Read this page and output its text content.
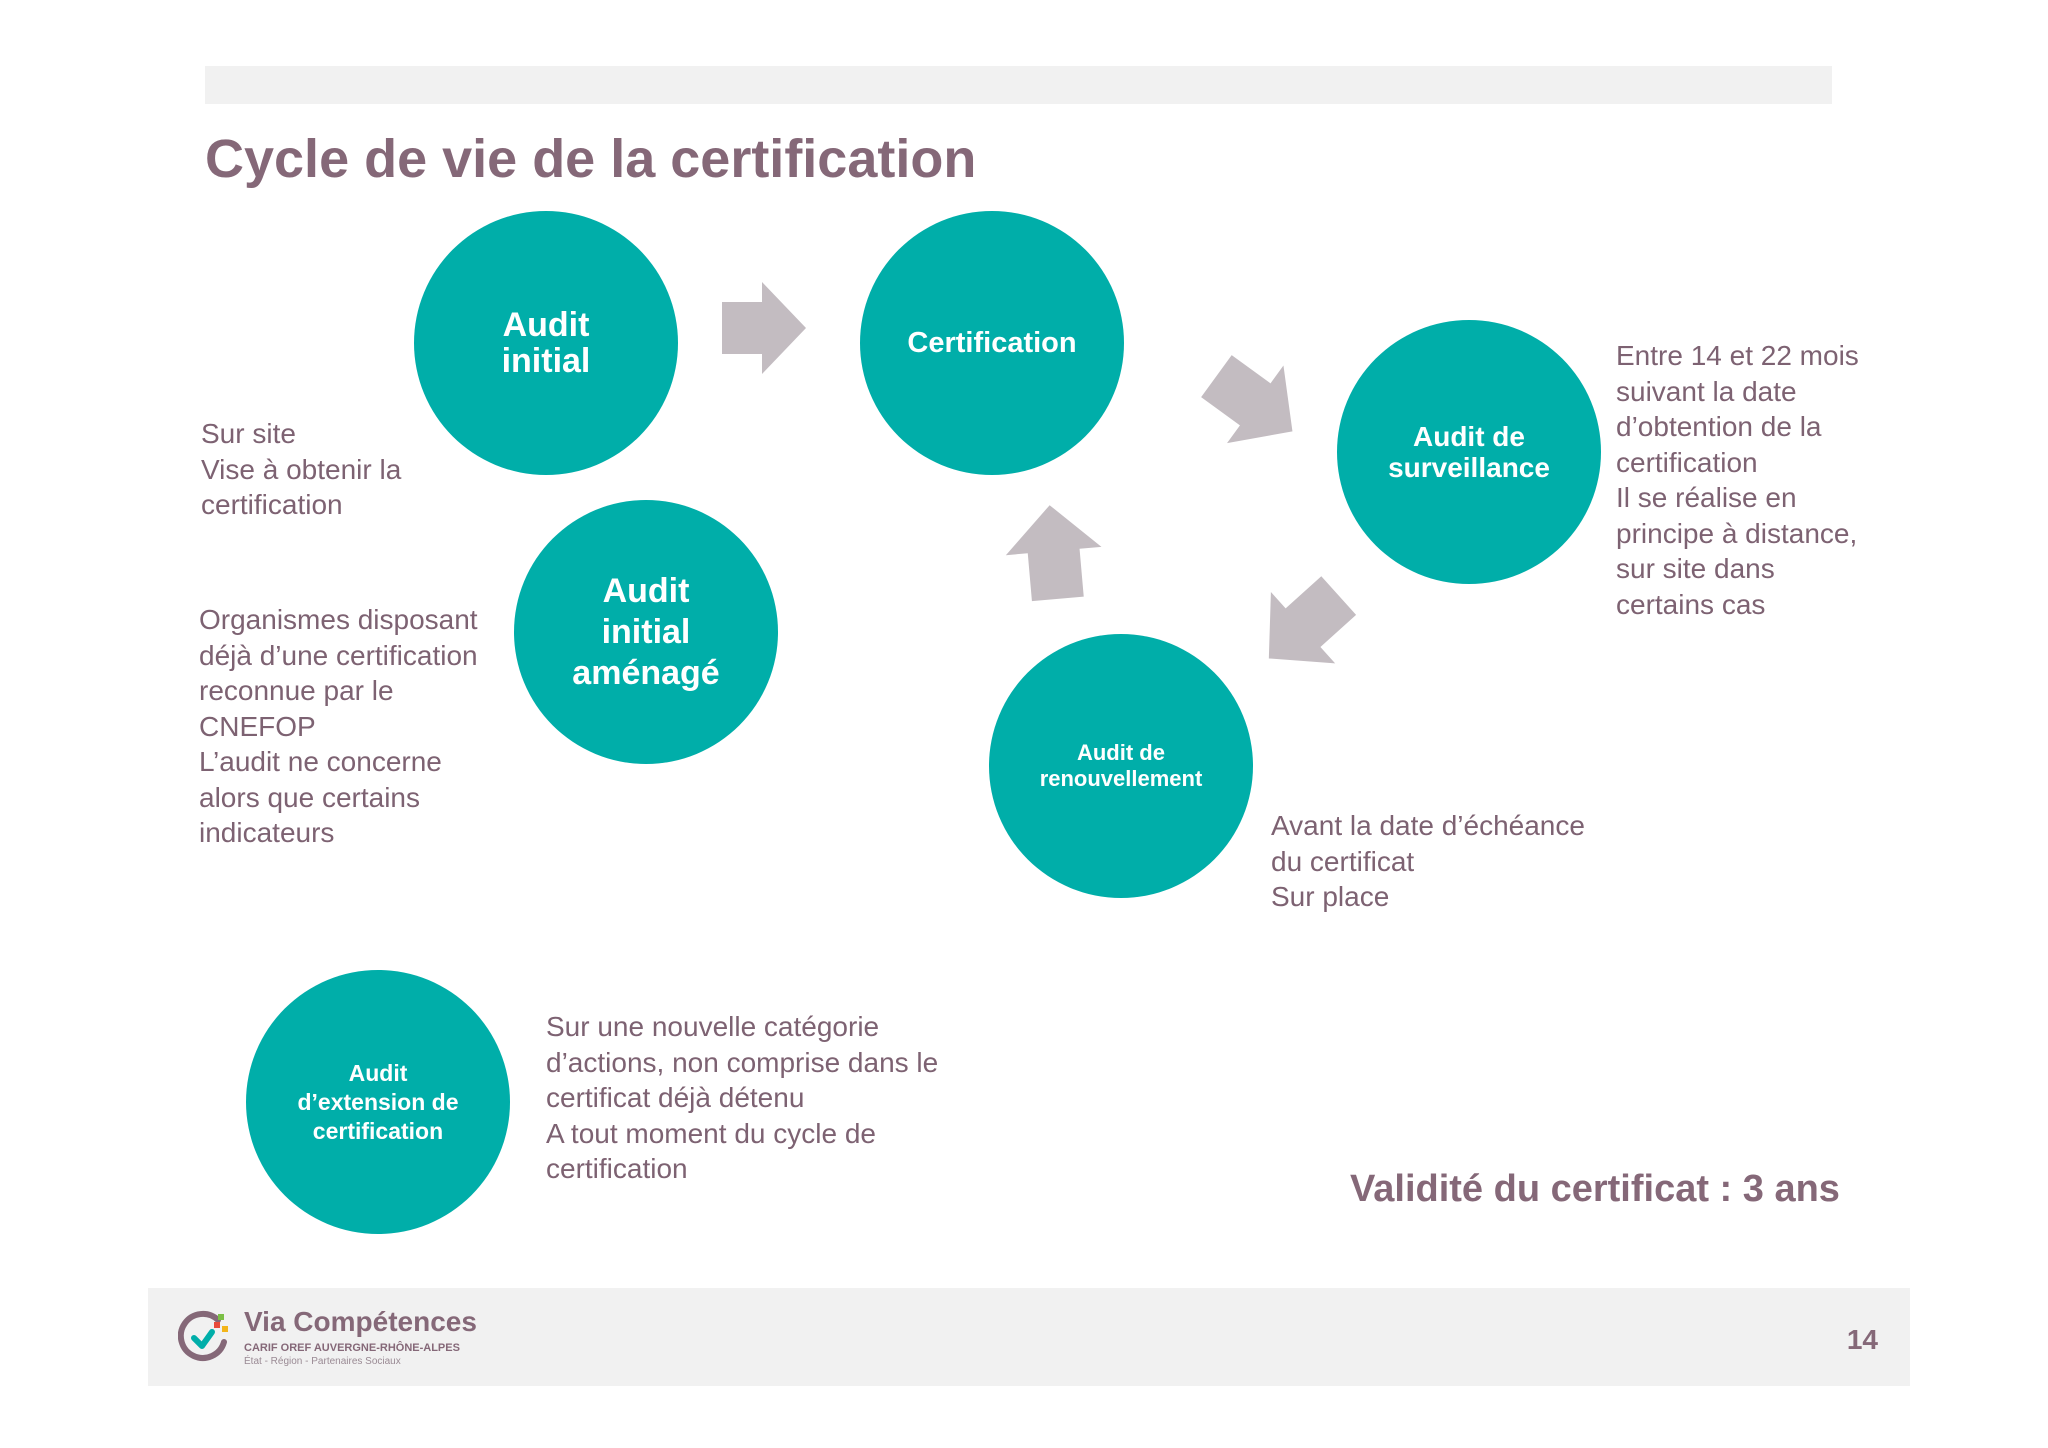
Cycle de vie de la certification
Audit
initial	Certification
Audit de
surveillance
Audit
initial
aménagé
Audit de
renouvellement
Audit
d’extension de
certification
Sur site
Vise à obtenir la
certification
Organismes disposant
déjà d’une certification
reconnue par le
CNEFOP
L’audit ne concerne
alors que certains
indicateurs
Entre 14 et 22 mois
suivant la date
d’obtention de la
certification
Il se réalise en
principe à distance,
sur site dans
certains cas
Avant la date d’échéance
du certificat
Sur place
Sur une nouvelle catégorie
d’actions, non comprise dans le
certificat déjà détenu
A tout moment du cycle de
certification	Validité du certificat : 3 ans
Via Compétences
CARIF OREF AUVERGNE-RHÔNE-ALPES
État - Région - Partenaires Sociaux
14
